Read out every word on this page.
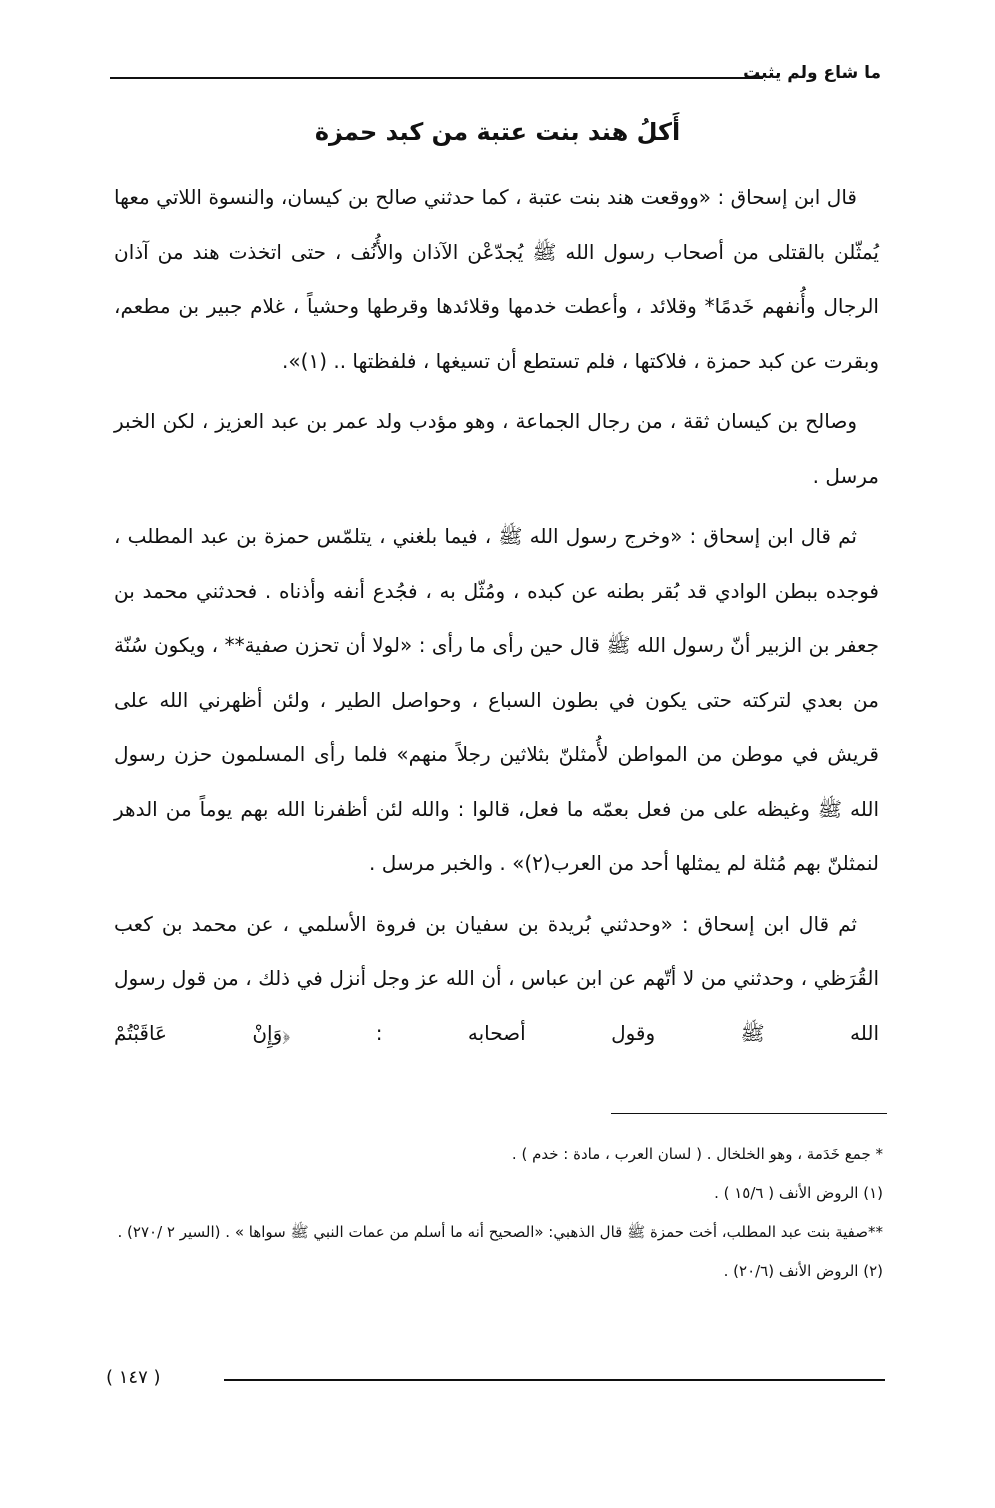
ما شاع ولم يثبت
أَكلُ هند بنت عتبة من كبد حمزة

قال ابن إسحاق : «ووقعت هند بنت عتبة ، كما حدثني صالح بن كيسان، والنسوة اللاتي معها يُمثّلن بالقتلى من أصحاب رسول الله ﷺ يُجدّعْن الآذان والأُنُف ، حتى اتخذت هند من آذان الرجال وأُنفهم خَدمًا* وقلائد ، وأعطت خدمها وقلائدها وقرطها وحشياً ، غلام جبير بن مطعم، وبقرت عن كبد حمزة ، فلاكتها ، فلم تستطع أن تسيغها ، فلفظتها .. (١)».

وصالح بن كيسان ثقة ، من رجال الجماعة ، وهو مؤدب ولد عمر بن عبد العزيز ، لكن الخبر مرسل .

ثم قال ابن إسحاق : «وخرج رسول الله ﷺ ، فيما بلغني ، يتلمّس حمزة بن عبد المطلب ، فوجده ببطن الوادي قد بُقر بطنه عن كبده ، ومُثّل به ، فجُدع أنفه وأذناه . فحدثني محمد بن جعفر بن الزبير أنّ رسول الله ﷺ قال حين رأى ما رأى : «لولا أن تحزن صفية** ، ويكون سُنّة من بعدي لتركته حتى يكون في بطون السباع ، وحواصل الطير ، ولئن أظهرني الله على قريش في موطن من المواطن لأُمثلنّ بثلاثين رجلاً منهم» فلما رأى المسلمون حزن رسول الله ﷺ وغيظه على من فعل بعمّه ما فعل، قالوا : والله لئن أظفرنا الله بهم يوماً من الدهر لنمثلنّ بهم مُثلة لم يمثلها أحد من العرب(٢)» . والخبر مرسل .

ثم قال ابن إسحاق : «وحدثني بُريدة بن سفيان بن فروة الأسلمي ، عن محمد بن كعب القُرَظي ، وحدثني من لا أتّهم عن ابن عباس ، أن الله عز وجل أنزل في ذلك ، من قول رسول الله ﷺ وقول أصحابه : ﴿وَإِنْ عَاقَبْتُمْ

* جمع خَدَمة ، وهو الخلخال . ( لسان العرب ، مادة : خدم ) .

(١) الروض الأنف ( ١٥/٦ ) .

**صفية بنت عبد المطلب، أخت حمزة ﷺ قال الذهبي: «الصحيح أنه ما أسلم من عمات النبي ﷺ سواها » . (السير ٢ /٢٧٠) .

(٢) الروض الأنف (٢٠/٦) .

( ١٤٧ )
